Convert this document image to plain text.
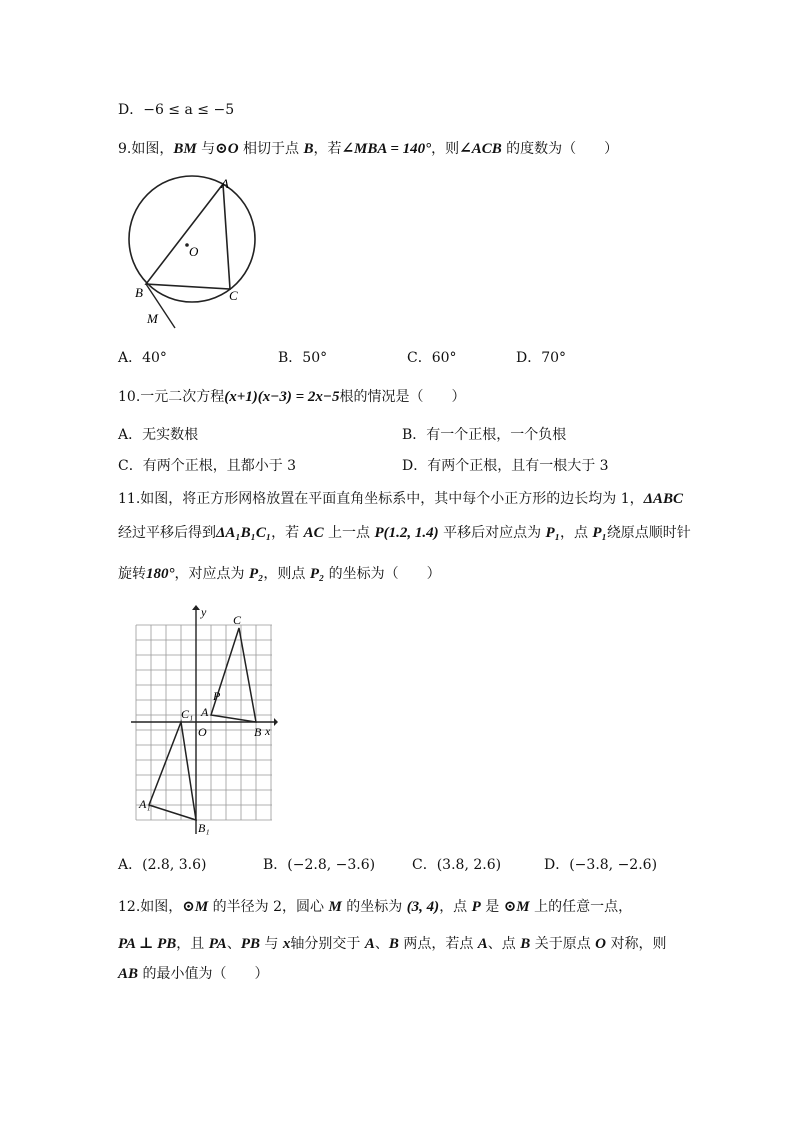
D．−6 ≤ a ≤ −5
9.如图，BM 与⊙O 相切于点 B，若∠MBA = 140°，则∠ACB 的度数为（　　）
A
O
B	C
M
A．40°	B．50°	C．60°	D．70°
10.一元二次方程(x+1)(x−3) = 2x−5根的情况是（　　）
A．无实数根	B．有一个正根，一个负根
C．有两个正根，且都小于 3	D．有两个正根，且有一根大于 3
11.如图，将正方形网格放置在平面直角坐标系中，其中每个小正方形的边长均为 1，ΔABC
经过平移后得到ΔA₁B₁C₁，若 AC 上一点 P(1.2, 1.4) 平移后对应点为 P₁，点 P₁绕原点顺时针
旋转180°，对应点为 P₂，则点 P₂ 的坐标为（　　）
y
x
C
P
A
O	B
C₁
A₁
B₁
A．(2.8, 3.6)	B．(−2.8, −3.6)	C．(3.8, 2.6)	D．(−3.8, −2.6)
12.如图，⊙M 的半径为 2，圆心 M 的坐标为 (3, 4)，点 P 是 ⊙M 上的任意一点，
PA ⊥ PB，且 PA、PB 与 x轴分别交于 A、B 两点，若点 A、点 B 关于原点 O 对称，则
AB 的最小值为（　　）
